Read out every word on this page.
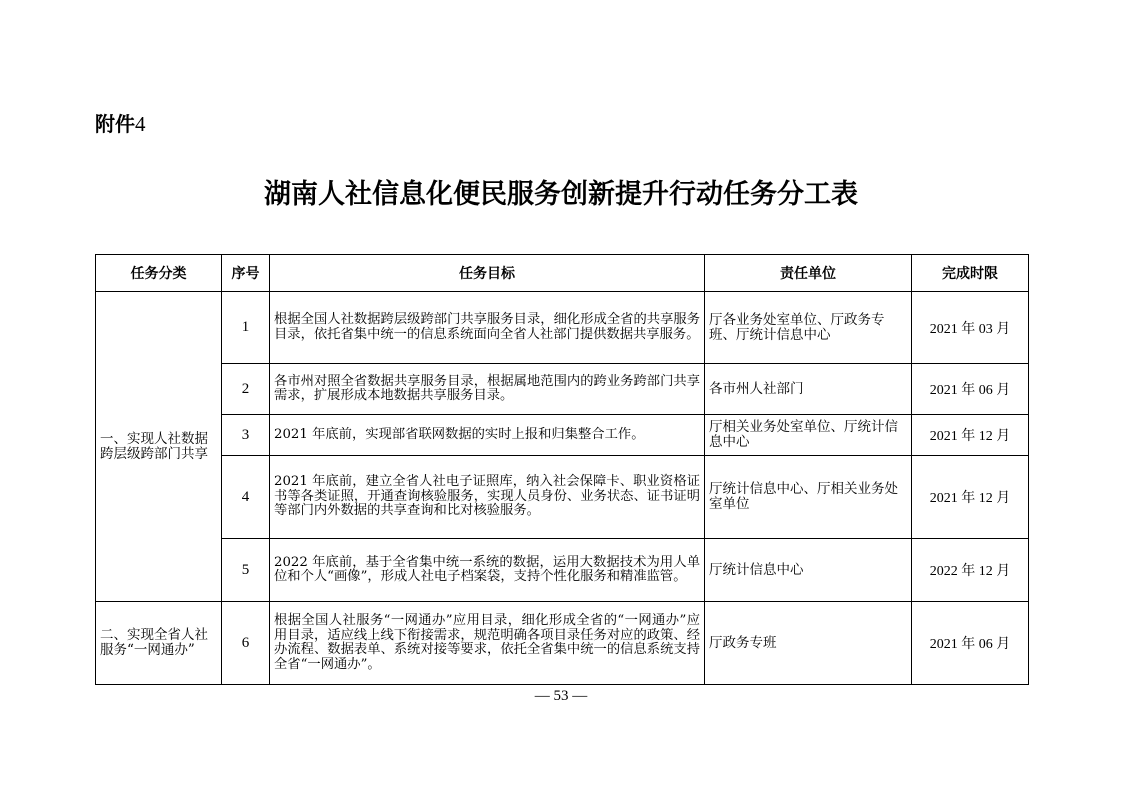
附件4
湖南人社信息化便民服务创新提升行动任务分工表
任务分类	序号	任务目标	责任单位	完成时限
一、实现人社数据跨层级跨部门共享	1	根据全国人社数据跨层级跨部门共享服务目录，细化形成全省的共享服务目录，依托省集中统一的信息系统面向全省人社部门提供数据共享服务。	厅各业务处室单位、厅政务专班、厅统计信息中心	2021 年 03 月
	2	各市州对照全省数据共享服务目录，根据属地范围内的跨业务跨部门共享需求，扩展形成本地数据共享服务目录。	各市州人社部门	2021 年 06 月
	3	2021 年底前，实现部省联网数据的实时上报和归集整合工作。	厅相关业务处室单位、厅统计信息中心	2021 年 12 月
	4	2021 年底前，建立全省人社电子证照库，纳入社会保障卡、职业资格证书等各类证照，开通查询核验服务，实现人员身份、业务状态、证书证明等部门内外数据的共享查询和比对核验服务。	厅统计信息中心、厅相关业务处室单位	2021 年 12 月
	5	2022 年底前，基于全省集中统一系统的数据，运用大数据技术为用人单位和个人“画像”，形成人社电子档案袋，支持个性化服务和精准监管。	厅统计信息中心	2022 年 12 月
二、实现全省人社服务“一网通办”	6	根据全国人社服务“一网通办”应用目录，细化形成全省的“一网通办”应用目录，适应线上线下衔接需求，规范明确各项目录任务对应的政策、经办流程、数据表单、系统对接等要求，依托全省集中统一的信息系统支持全省“一网通办”。	厅政务专班	2021 年 06 月
— 53 —
